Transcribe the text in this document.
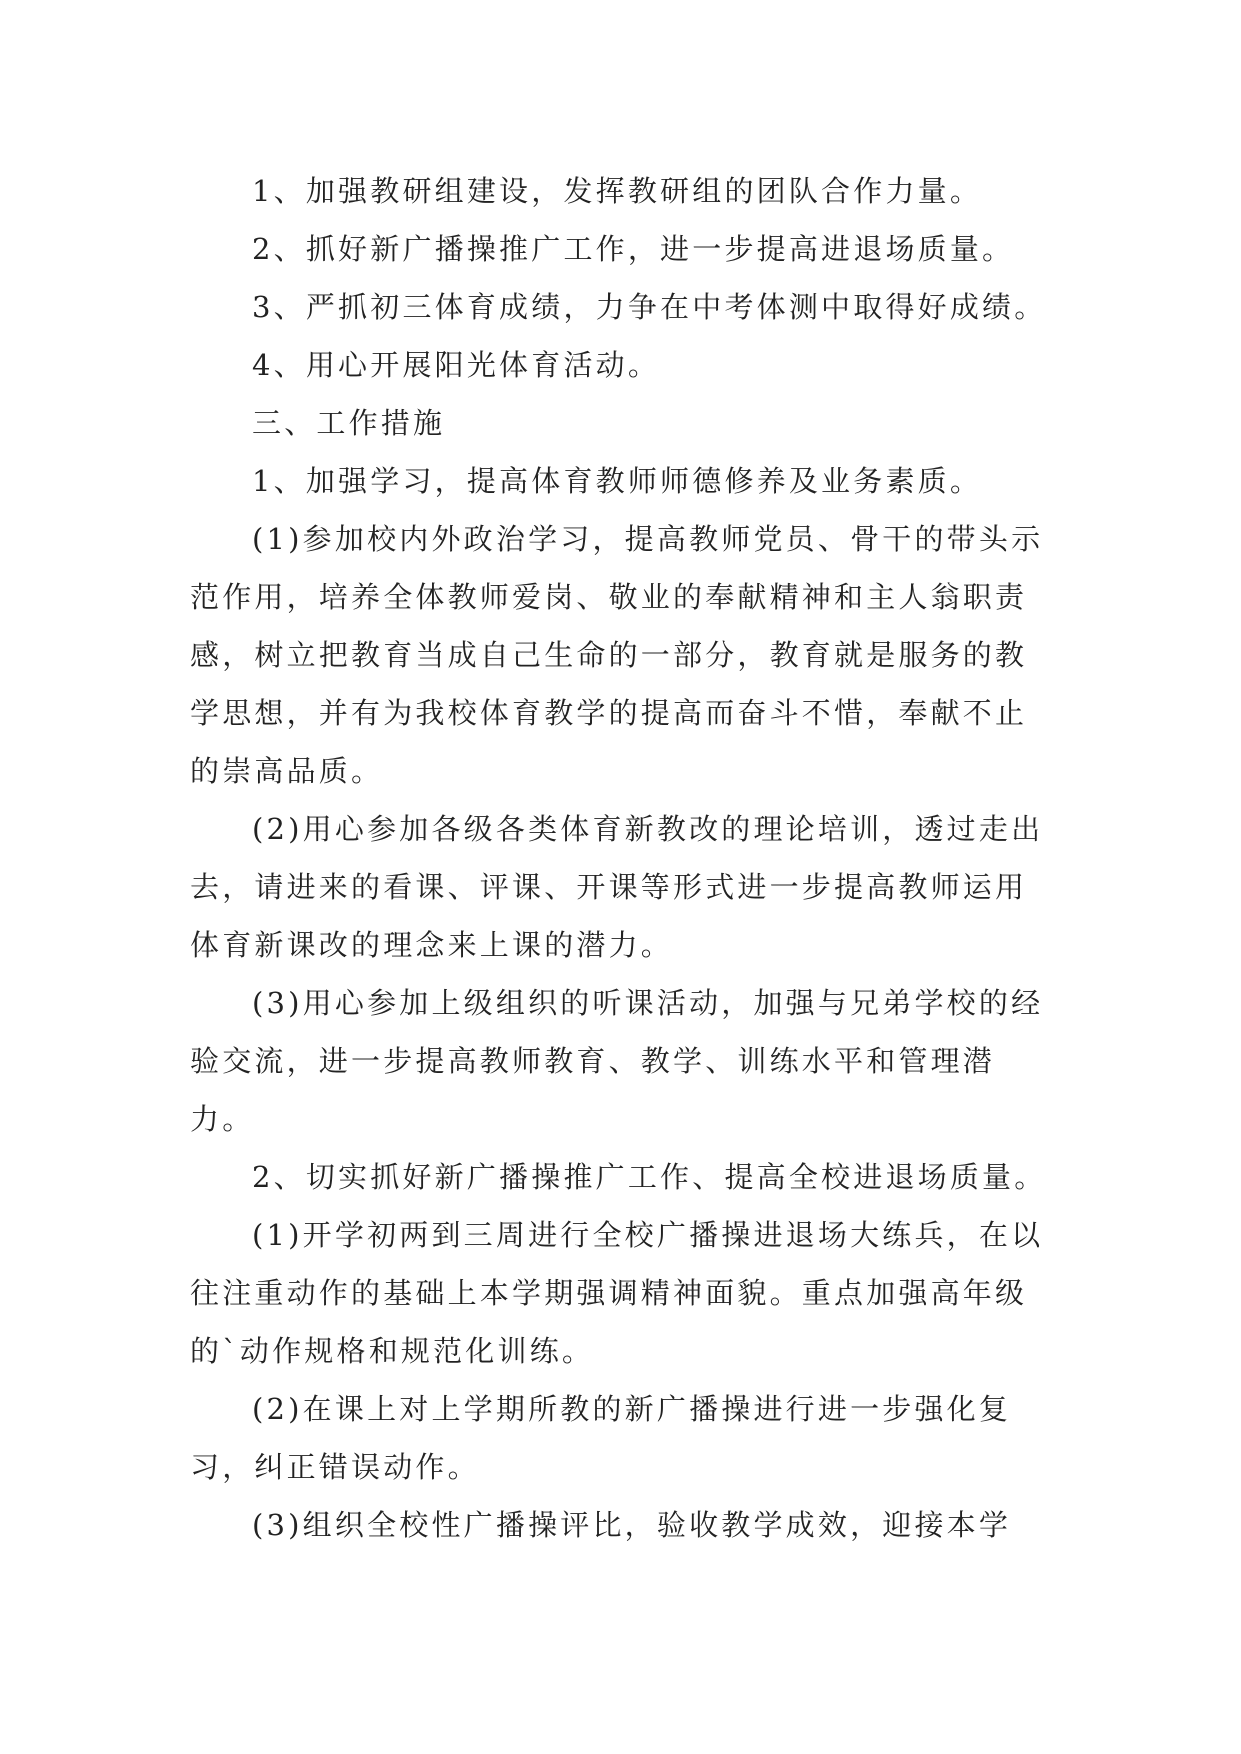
1、加强教研组建设，发挥教研组的团队合作力量。

2、抓好新广播操推广工作，进一步提高进退场质量。

3、严抓初三体育成绩，力争在中考体测中取得好成绩。

4、用心开展阳光体育活动。

三、工作措施

1、加强学习，提高体育教师师德修养及业务素质。

(1)参加校内外政治学习，提高教师党员、骨干的带头示范作用，培养全体教师爱岗、敬业的奉献精神和主人翁职责感，树立把教育当成自己生命的一部分，教育就是服务的教学思想，并有为我校体育教学的提高而奋斗不惜，奉献不止的崇高品质。

(2)用心参加各级各类体育新教改的理论培训，透过走出去，请进来的看课、评课、开课等形式进一步提高教师运用体育新课改的理念来上课的潜力。

(3)用心参加上级组织的听课活动，加强与兄弟学校的经验交流，进一步提高教师教育、教学、训练水平和管理潜力。

2、切实抓好新广播操推广工作、提高全校进退场质量。

(1)开学初两到三周进行全校广播操进退场大练兵，在以往注重动作的基础上本学期强调精神面貌。重点加强高年级的`动作规格和规范化训练。

(2)在课上对上学期所教的新广播操进行进一步强化复习，纠正错误动作。

(3)组织全校性广播操评比，验收教学成效，迎接本学
